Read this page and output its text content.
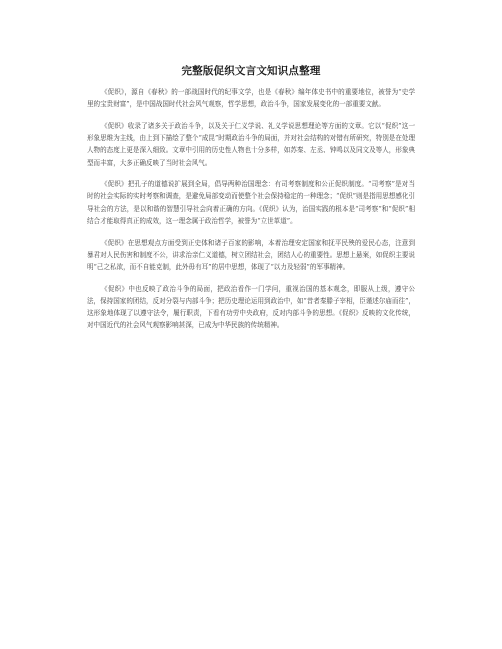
完整版促织文言文知识点整理

《促织》，源自《春秋》的一部战国时代的纪事文学，也是《春秋》编年体史书中的重要地位，被誉为“史学里的宝贵财富”，是中国战国时代社会风气观察，哲学思想，政治斗争，国家发展变化的一部重要文献。

《促织》收录了诸多关于政治斗争，以及关于仁义学说、礼义学说思想理论等方面的文章。它以“促织”这一形象思维为主线，由上到下描绘了整个“成昆”时期政治斗争的局面，并对社会结构的对错有所研究，特别是在处理人物的态度上更是深入细致。文章中引用的历史性人物也十分多样，如苏秦、左丞、钟鸣以及同文及等人，形象典型而丰富，大多正确反映了当时社会风气。

《促织》把孔子的道德说扩展到全局，倡导两种治国理念：有司考察制度和公正促织制度。“司考察”是对当时的社会实际的实时考察和调查，是避免局部变动而使整个社会保持稳定的一种理念；“促织”则是指用思想感化引导社会的方法，是以和谐的智慧引导社会向着正确的方向。《促织》认为，治国实践的根本是“司考察”和“促织”相结合才能取得真正的成效，这一理念属于政治哲学，被誉为“立世革道”。

《促织》在思想观点方面受到正史体和诸子百家的影响，本着治理安定国家和抚平民殃的爱民心态，注意到暴君对人民伤害和制度不公，讲求治亲仁义道德，树立团结社会，团结人心的重要性。思想上悬案，如促织主要说明“己之私欲，而不自能克制，此外毋有耳”的居中思想，体现了“以力及轻弱”的军事精神。

《促织》中也反映了政治斗争的局面，把政治看作一门学问，重视治国的基本观念，即服从上级，遵守公法，保持国家的团结，反对分裂与内部斗争；把历史理论运用到政治中，如“昔者秦滕子宰相，臣谨述尔庙而往”，这形象地体现了以遵守法令，履行职责，下看有功劳中央政府，反对内部斗争的思想。《促织》反映的文化传统，对中国近代的社会风气观察影响甚深，已成为中华民族的传统精神。
